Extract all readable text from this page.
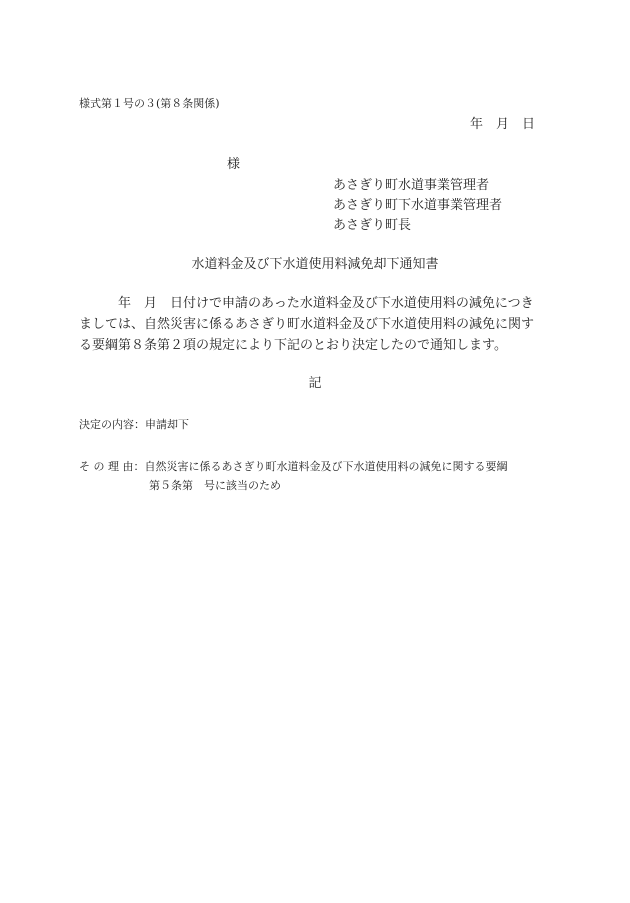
様式第１号の３(第８条関係)
年　月　日
様
あさぎり町水道事業管理者
あさぎり町下水道事業管理者
あさぎり町長
水道料金及び下水道使用料減免却下通知書
　　　年　月　日付けで申請のあった水道料金及び下水道使用料の減免につき
ましては、自然災害に係るあさぎり町水道料金及び下水道使用料の減免に関す
る要綱第８条第２項の規定により下記のとおり決定したので通知します。
記
決定の内容：申請却下
そ の 理 由：自然災害に係るあさぎり町水道料金及び下水道使用料の減免に関する要綱
第５条第　号に該当のため
